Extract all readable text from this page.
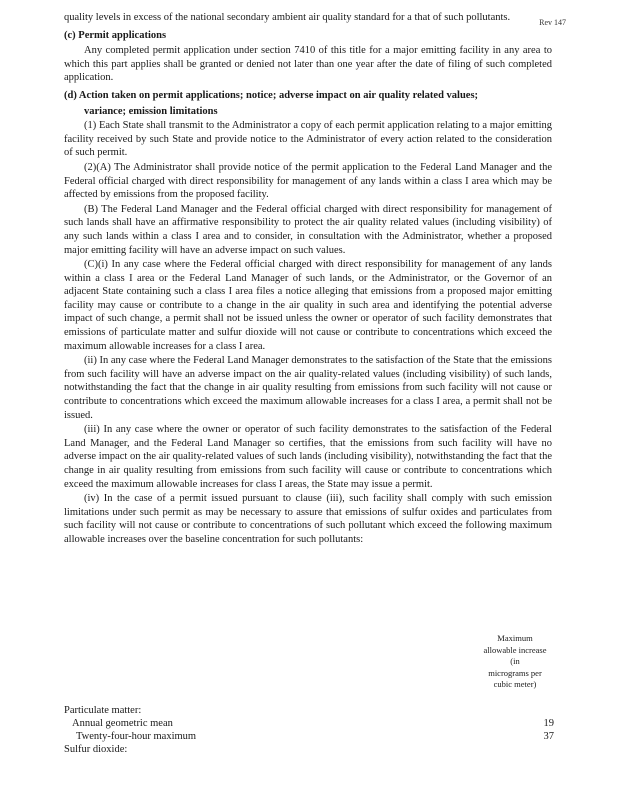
Rev 147

quality levels in excess of the national secondary ambient air quality standard for a that of such pollutants.

(c) Permit applications

Any completed permit application under section 7410 of this title for a major emitting facility in any area to which this part applies shall be granted or denied not later than one year after the date of filing of such completed application.

(d) Action taken on permit applications; notice; adverse impact on air quality related values;

variance; emission limitations

(1) Each State shall transmit to the Administrator a copy of each permit application relating to a major emitting facility received by such State and provide notice to the Administrator of every action related to the consideration of such permit.

(2)(A) The Administrator shall provide notice of the permit application to the Federal Land Manager and the Federal official charged with direct responsibility for management of any lands within a class I area which may be affected by emissions from the proposed facility.

(B) The Federal Land Manager and the Federal official charged with direct responsibility for management of such lands shall have an affirmative responsibility to protect the air quality related values (including visibility) of any such lands within a class I area and to consider, in consultation with the Administrator, whether a proposed major emitting facility will have an adverse impact on such values.

(C)(i) In any case where the Federal official charged with direct responsibility for management of any lands within a class I area or the Federal Land Manager of such lands, or the Administrator, or the Governor of an adjacent State containing such a class I area files a notice alleging that emissions from a proposed major emitting facility may cause or contribute to a change in the air quality in such area and identifying the potential adverse impact of such change, a permit shall not be issued unless the owner or operator of such facility demonstrates that emissions of particulate matter and sulfur dioxide will not cause or contribute to concentrations which exceed the maximum allowable increases for a class I area.

(ii) In any case where the Federal Land Manager demonstrates to the satisfaction of the State that the emissions from such facility will have an adverse impact on the air quality-related values (including visibility) of such lands, notwithstanding the fact that the change in air quality resulting from emissions from such facility will not cause or contribute to concentrations which exceed the maximum allowable increases for a class I area, a permit shall not be issued.

(iii) In any case where the owner or operator of such facility demonstrates to the satisfaction of the Federal Land Manager, and the Federal Land Manager so certifies, that the emissions from such facility will have no adverse impact on the air quality-related values of such lands (including visibility), notwithstanding the fact that the change in air quality resulting from emissions from such facility will cause or contribute to concentrations which exceed the maximum allowable increases for class I areas, the State may issue a permit.

(iv) In the case of a permit issued pursuant to clause (iii), such facility shall comply with such emission limitations under such permit as may be necessary to assure that emissions of sulfur oxides and particulates from such facility will not cause or contribute to concentrations of such pollutant which exceed the following maximum allowable increases over the baseline concentration for such pollutants:

Maximum
allowable increase
(in
micrograms per
cubic meter)
Particulate matter:
Annual geometric mean	19
Twenty-four-hour maximum	37
Sulfur dioxide:
